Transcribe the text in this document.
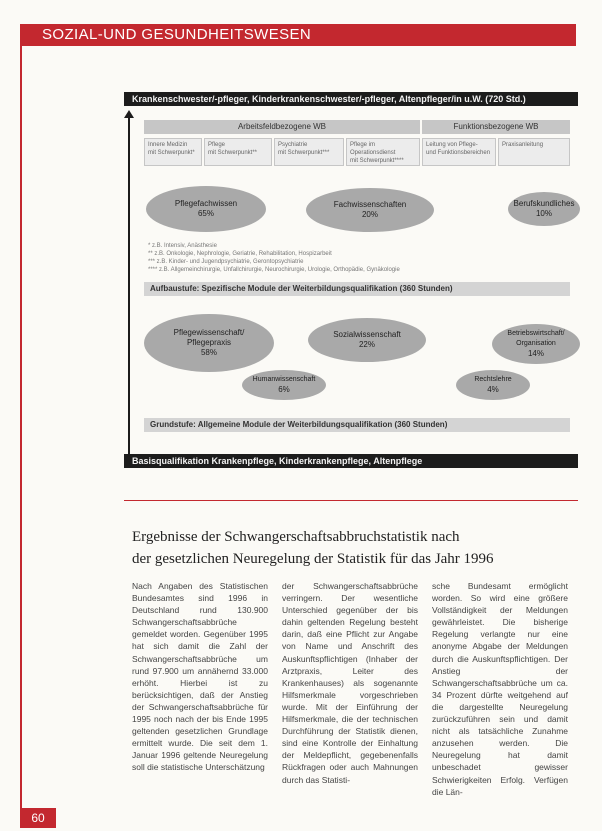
SOZIAL-UND GESUNDHEITSWESEN
Krankenschwester/-pfleger, Kinderkrankenschwester/-pfleger, Altenpfleger/in u.W. (720 Std.)
Arbeitsfeldbezogene WB	Funktionsbezogene WB
Innere Medizin
mit Schwerpunkt*
Pflege
mit Schwerpunkt**
Psychiatrie
mit Schwerpunkt***
Pflege im
Operationsdienst
mit Schwerpunkt****
Leitung von Pflege-
und Funktionsbereichen
Praxisanleitung
Pflegefachwissen
65%
Fachwissenschaften
20%
Berufskundliches
10%
* z.B. Intensiv, Anästhesie
** z.B. Onkologie, Nephrologie, Geriatrie, Rehabilitation, Hospizarbeit
*** z.B. Kinder- und Jugendpsychiatrie, Gerontopsychiatrie
**** z.B. Allgemeinchirurgie, Unfallchirurgie, Neurochirurgie, Urologie, Orthopädie, Gynäkologie
Aufbaustufe: Spezifische Module der Weiterbildungsqualifikation (360 Stunden)
Pflegewissenschaft/
Pflegepraxis
58%
Sozialwissenschaft
22%
Betriebswirtschaft/
Organisation
14%
Humanwissenschaft
6%
Rechtslehre
4%
Grundstufe: Allgemeine Module der Weiterbildungsqualifikation (360 Stunden)
Basisqualifikation Krankenpflege, Kinderkrankenpflege, Altenpflege
Ergebnisse der Schwangerschaftsabbruchstatistik nach
der gesetzlichen Neuregelung der Statistik für das Jahr 1996

Nach Angaben des Statistischen Bundesamtes sind 1996 in Deutschland rund 130.900 Schwangerschaftsabbrüche gemeldet worden. Gegenüber 1995 hat sich damit die Zahl der Schwangerschaftsabbrüche um rund 97.900 um annähernd 33.000 erhöht. Hierbei ist zu berücksichtigen, daß der Anstieg der Schwangerschaftsabbrüche für 1995 noch nach der bis Ende 1995 geltenden gesetzlichen Grundlage ermittelt wurde. Die seit dem 1. Januar 1996 geltende Neuregelung soll die statistische Unterschätzung

der Schwangerschaftsabbrüche verringern. Der wesentliche Unterschied gegenüber der bis dahin geltenden Regelung besteht darin, daß eine Pflicht zur Angabe von Name und Anschrift des Auskunftspflichtigen (Inhaber der Arztpraxis, Leiter des Krankenhauses) als sogenannte Hilfsmerkmale vorgeschrieben wurde. Mit der Einführung der Hilfsmerkmale, die der technischen Durchführung der Statistik dienen, sind eine Kontrolle der Einhaltung der Meldepflicht, gegebenenfalls Rückfragen oder auch Mahnungen durch das Statisti-

sche Bundesamt ermöglicht worden. So wird eine größere Vollständigkeit der Meldungen gewährleistet. Die bisherige Regelung verlangte nur eine anonyme Abgabe der Meldungen durch die Auskunftspflichtigen. Der Anstieg der Schwangerschaftsabbrüche um ca. 34 Prozent dürfte weitgehend auf die dargestellte Neuregelung zurückzuführen sein und damit nicht als tatsächliche Zunahme anzusehen werden. Die Neuregelung hat damit unbeschadet gewisser Schwierigkeiten Erfolg. Verfügen die Län-

60
